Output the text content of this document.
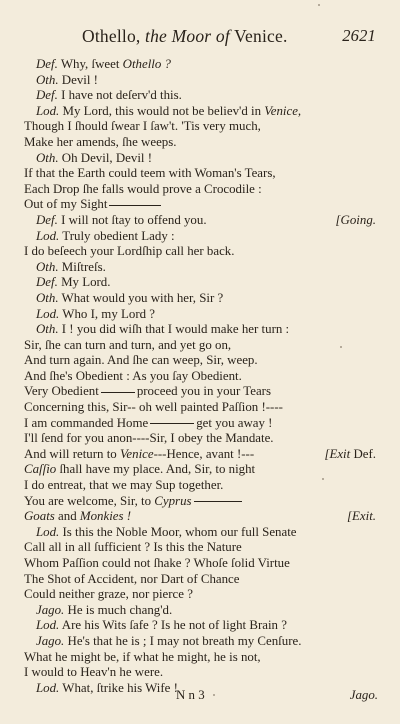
Othello, the Moor of Venice.	2621
Def. Why, ſweet Othello ?
Oth. Devil !
Def. I have not deſerv'd this.
Lod. My Lord, this would not be believ'd in Venice,
Though I ſhould ſwear I ſaw't. 'Tis very much,
Make her amends, ſhe weeps.
Oth. Oh Devil, Devil !
If that the Earth could teem with Woman's Tears,
Each Drop ſhe falls would prove a Crocodile :
Out of my Sight
Def. I will not ſtay to offend you.	[Going.
Lod. Truly obedient Lady :
I do beſeech your Lordſhip call her back.
Oth. Miſtreſs.
Def. My Lord.
Oth. What would you with her, Sir ?
Lod. Who I, my Lord ?
Oth. I ! you did wiſh that I would make her turn :
Sir, ſhe can turn and turn, and yet go on,
And turn again. And ſhe can weep, Sir, weep.
And ſhe's Obedient : As you ſay Obedient.
Very Obedient	proceed you in your Tears
Concerning this, Sir-- oh well painted Paſſion !----
I am commanded Home	get you away !
I'll ſend for you anon----Sir, I obey the Mandate.
And will return to Venice---Hence, avant !---	[Exit Def.
Caſſio ſhall have my place. And, Sir, to night
I do entreat, that we may Sup together.
You are welcome, Sir, to Cyprus
Goats and Monkies !	[Exit.
Lod. Is this the Noble Moor, whom our full Senate
Call all in all ſufficient ? Is this the Nature
Whom Paſſion could not ſhake ? Whoſe ſolid Virtue
The Shot of Accident, nor Dart of Chance
Could neither graze, nor pierce ?
Jago. He is much chang'd.
Lod. Are his Wits ſafe ? Is he not of light Brain ?
Jago. He's that he is ; I may not breath my Cenſure.
What he might be, if what he might, he is not,
I would to Heav'n he were.
Lod. What, ſtrike his Wife !
N n 3	Jago.
